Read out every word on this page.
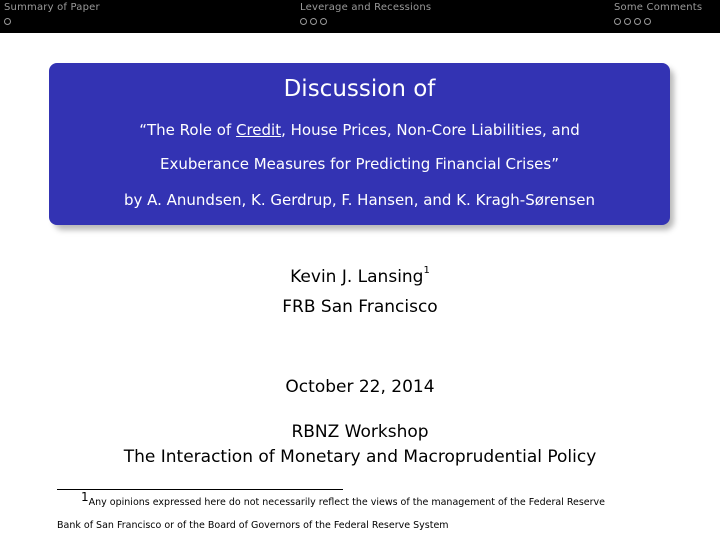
Summary of Paper	Leverage and Recessions	Some Comments
Discussion of
“The Role of Credit, House Prices, Non-Core Liabilities, and
Exuberance Measures for Predicting Financial Crises”
by A. Anundsen, K. Gerdrup, F. Hansen, and K. Kragh-Sørensen
Kevin J. Lansing$^1$
FRB San Francisco
October 22, 2014
RBNZ Workshop
The Interaction of Monetary and Macroprudential Policy
1Any opinions expressed here do not necessarily reflect the views of the management of the Federal Reserve
Bank of San Francisco or of the Board of Governors of the Federal Reserve System
